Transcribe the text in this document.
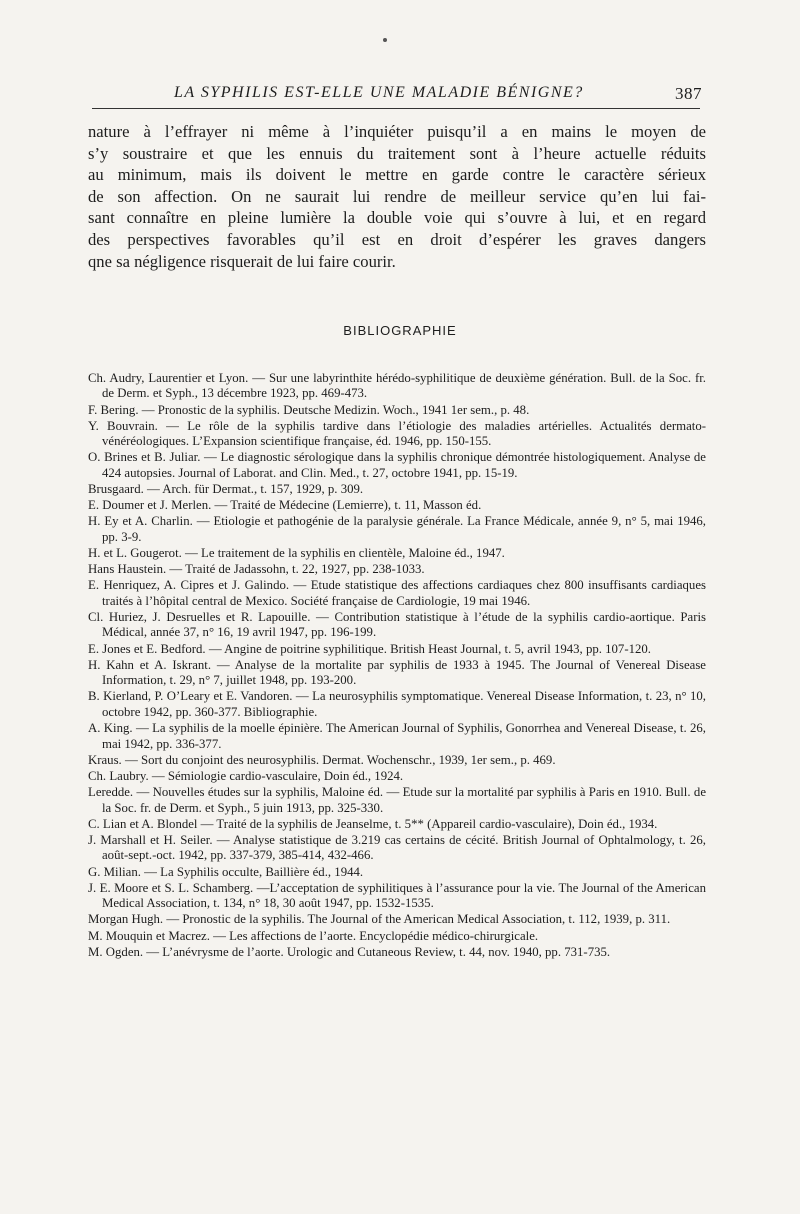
LA SYPHILIS EST-ELLE UNE MALADIE BÉNIGNE?	387

nature à l’effrayer ni même à l’inquiéter puisqu’il a en mains le moyen de
s’y soustraire et que les ennuis du traitement sont à l’heure actuelle réduits
au minimum, mais ils doivent le mettre en garde contre le caractère sérieux
de son affection. On ne saurait lui rendre de meilleur service qu’en lui fai-
sant connaître en pleine lumière la double voie qui s’ouvre à lui, et en regard
des perspectives favorables qu’il est en droit d’espérer les graves dangers
qne sa négligence risquerait de lui faire courir.

BIBLIOGRAPHIE
Ch. Audry, Laurentier et Lyon. — Sur une labyrinthite hérédo-syphilitique de deuxième génération. Bull. de la Soc. fr. de Derm. et Syph., 13 décembre 1923, pp. 469-473.
F. Bering. — Pronostic de la syphilis. Deutsche Medizin. Woch., 1941 1er sem., p. 48.
Y. Bouvrain. — Le rôle de la syphilis tardive dans l’étiologie des maladies artérielles. Actualités dermato-vénéréologiques. L’Expansion scientifique française, éd. 1946, pp. 150-155.
O. Brines et B. Juliar. — Le diagnostic sérologique dans la syphilis chronique démontrée histologiquement. Analyse de 424 autopsies. Journal of Laborat. and Clin. Med., t. 27, octobre 1941, pp. 15-19.
Brusgaard. — Arch. für Dermat., t. 157, 1929, p. 309.
E. Doumer et J. Merlen. — Traité de Médecine (Lemierre), t. 11, Masson éd.
H. Ey et A. Charlin. — Etiologie et pathogénie de la paralysie générale. La France Médicale, année 9, n° 5, mai 1946, pp. 3-9.
H. et L. Gougerot. — Le traitement de la syphilis en clientèle, Maloine éd., 1947.
Hans Haustein. — Traité de Jadassohn, t. 22, 1927, pp. 238-1033.
E. Henriquez, A. Cipres et J. Galindo. — Etude statistique des affections cardiaques chez 800 insuffisants cardiaques traités à l’hôpital central de Mexico. Société française de Cardiologie, 19 mai 1946.
Cl. Huriez, J. Desruelles et R. Lapouille. — Contribution statistique à l’étude de la syphilis cardio-aortique. Paris Médical, année 37, n° 16, 19 avril 1947, pp. 196-199.
E. Jones et E. Bedford. — Angine de poitrine syphilitique. British Heast Journal, t. 5, avril 1943, pp. 107-120.
H. Kahn et A. Iskrant. — Analyse de la mortalite par syphilis de 1933 à 1945. The Journal of Venereal Disease Information, t. 29, n° 7, juillet 1948, pp. 193-200.
B. Kierland, P. O’Leary et E. Vandoren. — La neurosyphilis symptomatique. Venereal Disease Information, t. 23, n° 10, octobre 1942, pp. 360-377. Bibliographie.
A. King. — La syphilis de la moelle épinière. The American Journal of Syphilis, Gonorrhea and Venereal Disease, t. 26, mai 1942, pp. 336-377.
Kraus. — Sort du conjoint des neurosyphilis. Dermat. Wochenschr., 1939, 1er sem., p. 469.
Ch. Laubry. — Sémiologie cardio-vasculaire, Doin éd., 1924.
Leredde. — Nouvelles études sur la syphilis, Maloine éd. — Etude sur la mortalité par syphilis à Paris en 1910. Bull. de la Soc. fr. de Derm. et Syph., 5 juin 1913, pp. 325-330.
C. Lian et A. Blondel — Traité de la syphilis de Jeanselme, t. 5** (Appareil cardio-vasculaire), Doin éd., 1934.
J. Marshall et H. Seiler. — Analyse statistique de 3.219 cas certains de cécité. British Journal of Ophtalmology, t. 26, août-sept.-oct. 1942, pp. 337-379, 385-414, 432-466.
G. Milian. — La Syphilis occulte, Baillière éd., 1944.
J. E. Moore et S. L. Schamberg. —L’acceptation de syphilitiques à l’assurance pour la vie. The Journal of the American Medical Association, t. 134, n° 18, 30 août 1947, pp. 1532-1535.
Morgan Hugh. — Pronostic de la syphilis. The Journal of the American Medical Association, t. 112, 1939, p. 311.
M. Mouquin et Macrez. — Les affections de l’aorte. Encyclopédie médico-chirurgicale.
M. Ogden. — L’anévrysme de l’aorte. Urologic and Cutaneous Review, t. 44, nov. 1940, pp. 731-735.
